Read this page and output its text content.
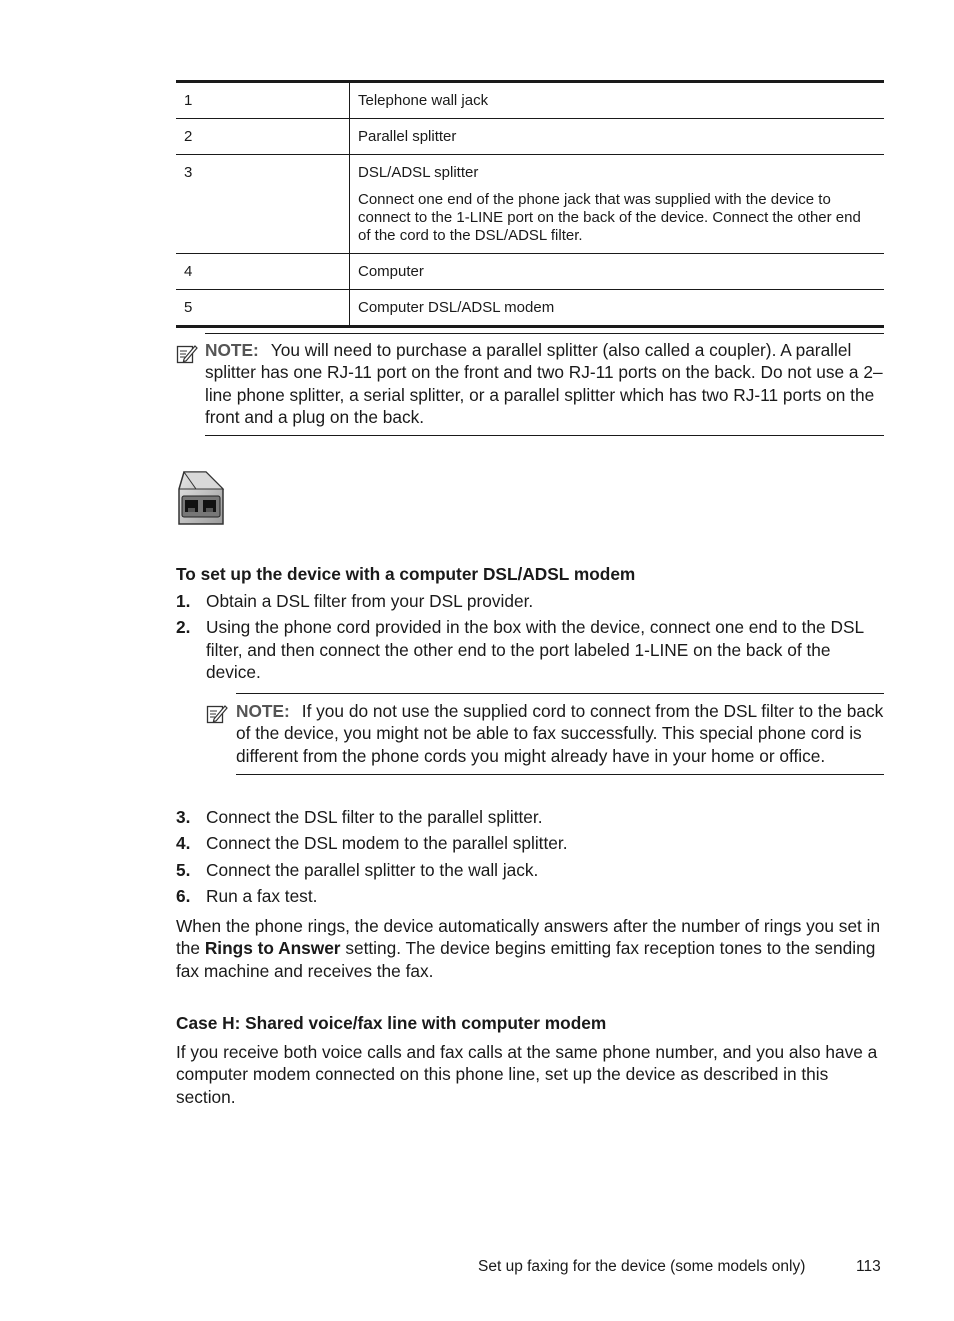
1	Telephone wall jack

2	Parallel splitter

3	DSL/ADSL splitter
Connect one end of the phone jack that was supplied with the device to connect to the 1-LINE port on the back of the device. Connect the other end of the cord to the DSL/ADSL filter.

4	Computer

5	Computer DSL/ADSL modem
NOTE: You will need to purchase a parallel splitter (also called a coupler). A parallel splitter has one RJ-11 port on the front and two RJ-11 ports on the back. Do not use a 2–line phone splitter, a serial splitter, or a parallel splitter which has two RJ-11 ports on the front and a plug on the back.
To set up the device with a computer DSL/ADSL modem
1. Obtain a DSL filter from your DSL provider.
2. Using the phone cord provided in the box with the device, connect one end to the DSL filter, and then connect the other end to the port labeled 1-LINE on the back of the device.
NOTE: If you do not use the supplied cord to connect from the DSL filter to the back of the device, you might not be able to fax successfully. This special phone cord is different from the phone cords you might already have in your home or office.
3. Connect the DSL filter to the parallel splitter.
4. Connect the DSL modem to the parallel splitter.
5. Connect the parallel splitter to the wall jack.
6. Run a fax test.

When the phone rings, the device automatically answers after the number of rings you set in the Rings to Answer setting. The device begins emitting fax reception tones to the sending fax machine and receives the fax.

Case H: Shared voice/fax line with computer modem

If you receive both voice calls and fax calls at the same phone number, and you also have a computer modem connected on this phone line, set up the device as described in this section.

Set up faxing for the device (some models only)	113
